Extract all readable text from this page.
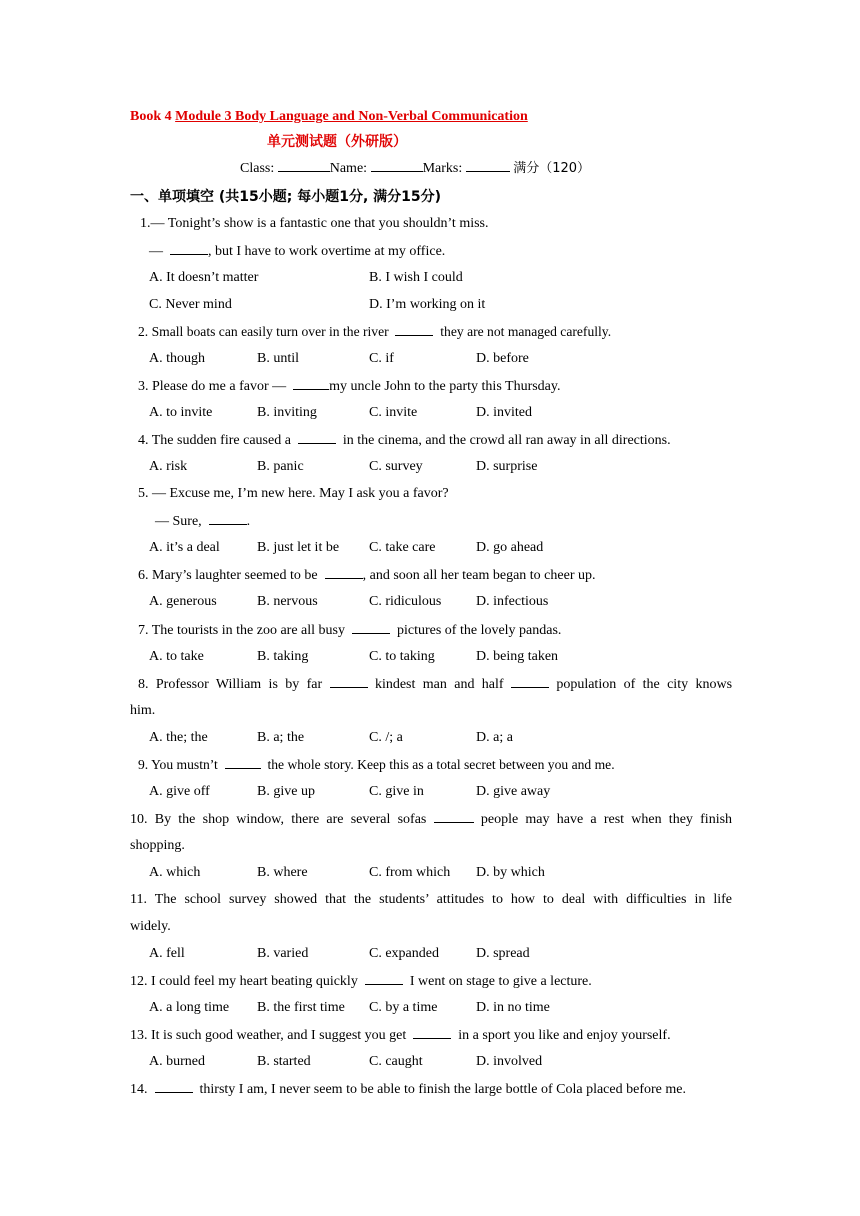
Book 4 Module 3 Body Language and Non-Verbal Communication
单元测试题（外研版）
Class:	Name:	Marks:	满分（120）
一、单项填空 (共15小题; 每小题1分, 满分15分)
1.— Tonight’s show is a fantastic one that you shouldn’t miss.
—	, but I have to work overtime at my office.
A. It doesn’t matter	B. I wish I could
C. Never mind	D. I’m working on it
2. Small boats can easily turn over in the river	they are not managed carefully.
A. though	B. until	C. if	D. before
3. Please do me a favor —	my uncle John to the party this Thursday.
A. to invite	B. inviting	C. invite	D. invited
4. The sudden fire caused a	in the cinema, and the crowd all ran away in all directions.
A. risk	B. panic	C. survey	D. surprise
5. — Excuse me, I’m new here. May I ask you a favor?
— Sure,	.
A. it’s a deal	B. just let it be C. take care	D. go ahead
6. Mary’s laughter seemed to be	, and soon all her team began to cheer up.
A. generous	B. nervous	C. ridiculous D. infectious
7. The tourists in the zoo are all busy	pictures of the lovely pandas.
A. to take	B. taking	C. to taking	D. being taken
8. Professor William is by far	kindest man and half	population of the city knows
him.
A. the; the	B. a; the	C. /; a	D. a; a
9. You mustn’t	the whole story. Keep this as a total secret between you and me.
A. give off	B. give up	C. give in	D. give away
10. By the shop window, there are several sofas	people may have a rest when they finish
shopping.
A. which	B. where	C. from which D. by which
11. The school survey showed that the students’ attitudes to how to deal with difficulties in life
widely.
A. fell	B. varied	C. expanded	D. spread
12. I could feel my heart beating quickly	I went on stage to give a lecture.
A. a long time B. the first time C. by a time	D. in no time
13. It is such good weather, and I suggest you get	in a sport you like and enjoy yourself.
A. burned	B. started	C. caught	D. involved
14.	thirsty I am, I never seem to be able to finish the large bottle of Cola placed before me.
